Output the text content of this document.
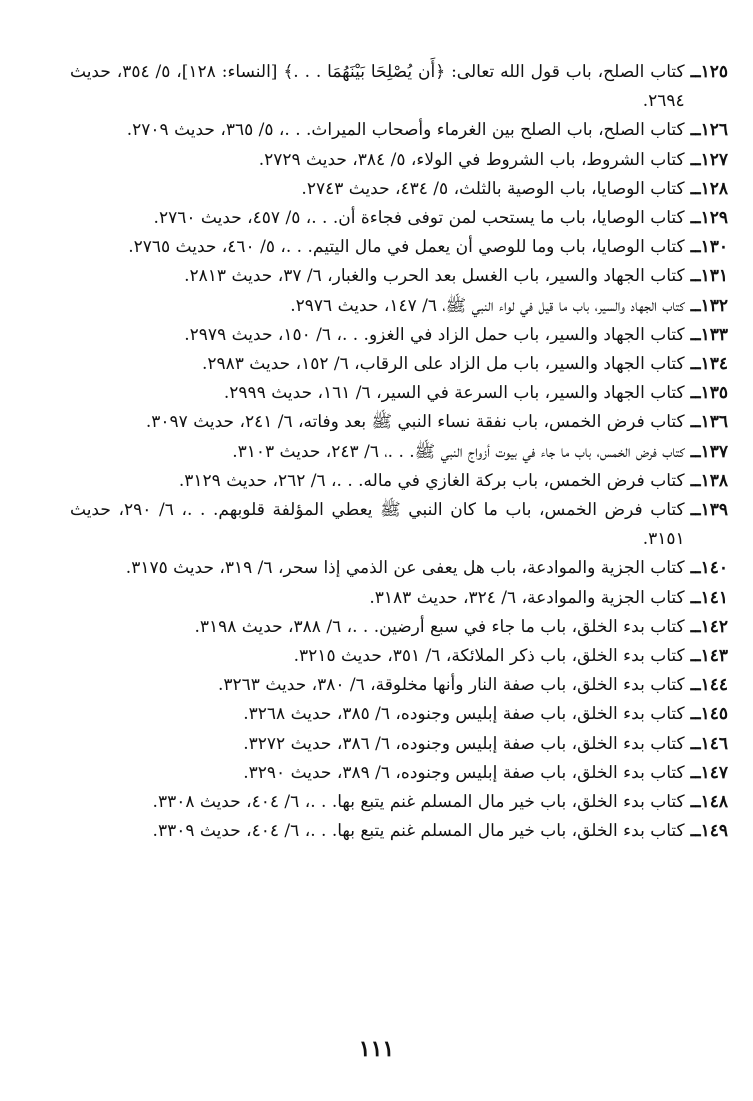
١٢٥ــ
كتاب الصلح، باب قول الله تعالى: ﴿أَن يُصْلِحَا بَيْنَهُمَا . . .﴾ [النساء: ١٢٨]، ٥/ ٣٥٤، حديث ٢٦٩٤.
١٢٦ــ
كتاب الصلح، باب الصلح بين الغرماء وأصحاب الميراث. . .، ٥/ ٣٦٥، حديث ٢٧٠٩.
١٢٧ــ
كتاب الشروط، باب الشروط في الولاء، ٥/ ٣٨٤، حديث ٢٧٢٩.
١٢٨ــ
كتاب الوصايا، باب الوصية بالثلث، ٥/ ٤٣٤، حديث ٢٧٤٣.
١٢٩ــ
كتاب الوصايا، باب ما يستحب لمن توفى فجاءة أن. . .، ٥/ ٤٥٧، حديث ٢٧٦٠.
١٣٠ــ
كتاب الوصايا، باب وما للوصي أن يعمل في مال اليتيم. . .، ٥/ ٤٦٠، حديث ٢٧٦٥.
١٣١ــ
كتاب الجهاد والسير، باب الغسل بعد الحرب والغبار، ٦/ ٣٧، حديث ٢٨١٣.
١٣٢ــ
كتاب الجهاد والسير، باب ما قيل في لواء النبي ﷺ، ٦/ ١٤٧، حديث ٢٩٧٦.
١٣٣ــ
كتاب الجهاد والسير، باب حمل الزاد في الغزو. . .، ٦/ ١٥٠، حديث ٢٩٧٩.
١٣٤ــ
كتاب الجهاد والسير، باب مل الزاد على الرقاب، ٦/ ١٥٢، حديث ٢٩٨٣.
١٣٥ــ
كتاب الجهاد والسير، باب السرعة في السير، ٦/ ١٦١، حديث ٢٩٩٩.
١٣٦ــ
كتاب فرض الخمس، باب نفقة نساء النبي ﷺ بعد وفاته، ٦/ ٢٤١، حديث ٣٠٩٧.
١٣٧ــ
كتاب فرض الخمس، باب ما جاء في بيوت أزواج النبي ﷺ. . .، ٦/ ٢٤٣، حديث ٣١٠٣.
١٣٨ــ
كتاب فرض الخمس، باب بركة الغازي في ماله. . .، ٦/ ٢٦٢، حديث ٣١٢٩.
١٣٩ــ
كتاب فرض الخمس، باب ما كان النبي ﷺ يعطي المؤلفة قلوبهم. . .، ٦/ ٢٩٠، حديث ٣١٥١.
١٤٠ــ
كتاب الجزية والموادعة، باب هل يعفى عن الذمي إذا سحر، ٦/ ٣١٩، حديث ٣١٧٥.
١٤١ــ
كتاب الجزية والموادعة، ٦/ ٣٢٤، حديث ٣١٨٣.
١٤٢ــ
كتاب بدء الخلق، باب ما جاء في سبع أرضين. . .، ٦/ ٣٨٨، حديث ٣١٩٨.
١٤٣ــ
كتاب بدء الخلق، باب ذكر الملائكة، ٦/ ٣٥١، حديث ٣٢١٥.
١٤٤ــ
كتاب بدء الخلق، باب صفة النار وأنها مخلوقة، ٦/ ٣٨٠، حديث ٣٢٦٣.
١٤٥ــ
كتاب بدء الخلق، باب صفة إبليس وجنوده، ٦/ ٣٨٥، حديث ٣٢٦٨.
١٤٦ــ
كتاب بدء الخلق، باب صفة إبليس وجنوده، ٦/ ٣٨٦، حديث ٣٢٧٢.
١٤٧ــ
كتاب بدء الخلق، باب صفة إبليس وجنوده، ٦/ ٣٨٩، حديث ٣٢٩٠.
١٤٨ــ
كتاب بدء الخلق، باب خير مال المسلم غنم يتبع بها. . .، ٦/ ٤٠٤، حديث ٣٣٠٨.
١٤٩ــ
كتاب بدء الخلق، باب خير مال المسلم غنم يتبع بها. . .، ٦/ ٤٠٤، حديث ٣٣٠٩.
١١١
